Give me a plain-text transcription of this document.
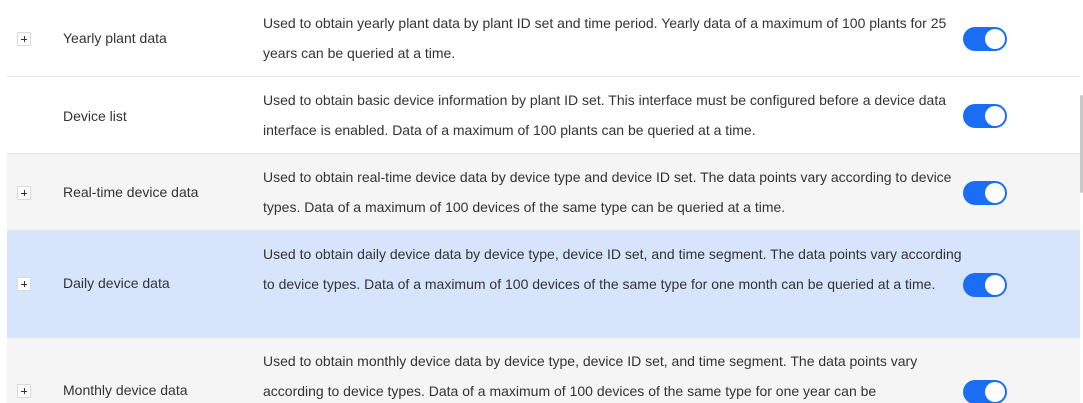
Yearly plant data
Used to obtain yearly plant data by plant ID set and time period. Yearly data of a maximum of 100 plants for 25 years can be queried at a time.
Device list
Used to obtain basic device information by plant ID set. This interface must be configured before a device data interface is enabled. Data of a maximum of 100 plants can be queried at a time.
Real-time device data
Used to obtain real-time device data by device type and device ID set. The data points vary according to device types. Data of a maximum of 100 devices of the same type can be queried at a time.
Daily device data
Used to obtain daily device data by device type, device ID set, and time segment. The data points vary according to device types. Data of a maximum of 100 devices of the same type for one month can be queried at a time.
Monthly device data
Used to obtain monthly device data by device type, device ID set, and time segment. The data points vary according to device types. Data of a maximum of 100 devices of the same type for one year can be
